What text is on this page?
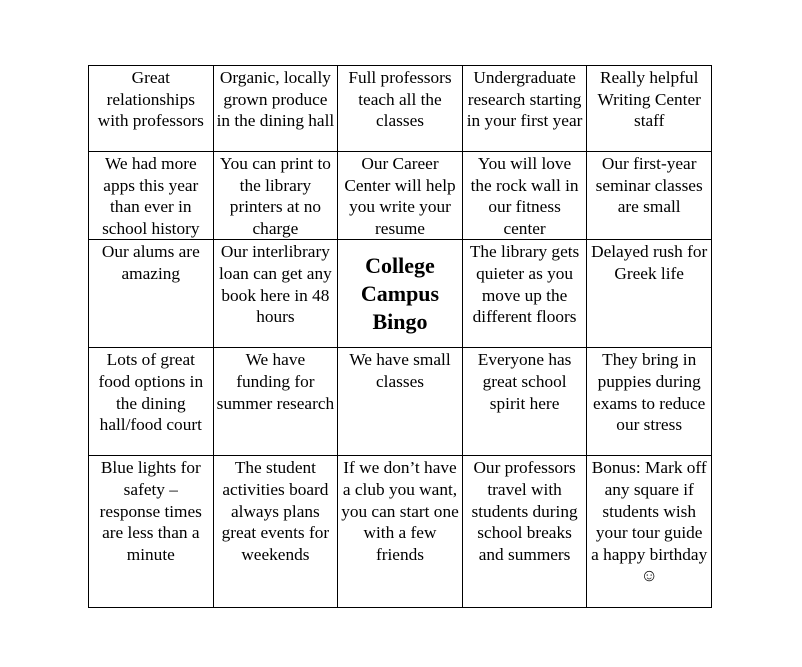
Great relationships with professors	Organic, locally grown produce in the dining hall	Full professors teach all the classes	Undergraduate research starting in your first year	Really helpful Writing Center staff
We had more apps this year than ever in school history	You can print to the library printers at no charge	Our Career Center will help you write your resume	You will love the rock wall in our fitness center	Our first-year seminar classes are small
Our alums are amazing	Our interlibrary loan can get any book here in 48 hours	College Campus Bingo	The library gets quieter as you move up the different floors	Delayed rush for Greek life
Lots of great food options in the dining hall/food court	We have funding for summer research	We have small classes	Everyone has great school spirit here	They bring in puppies during exams to reduce our stress
Blue lights for safety – response times are less than a minute	The student activities board always plans great events for weekends	If we don’t have a club you want, you can start one with a few friends	Our professors travel with students during school breaks and summers	Bonus: Mark off any square if students wish your tour guide a happy birthday ☺
